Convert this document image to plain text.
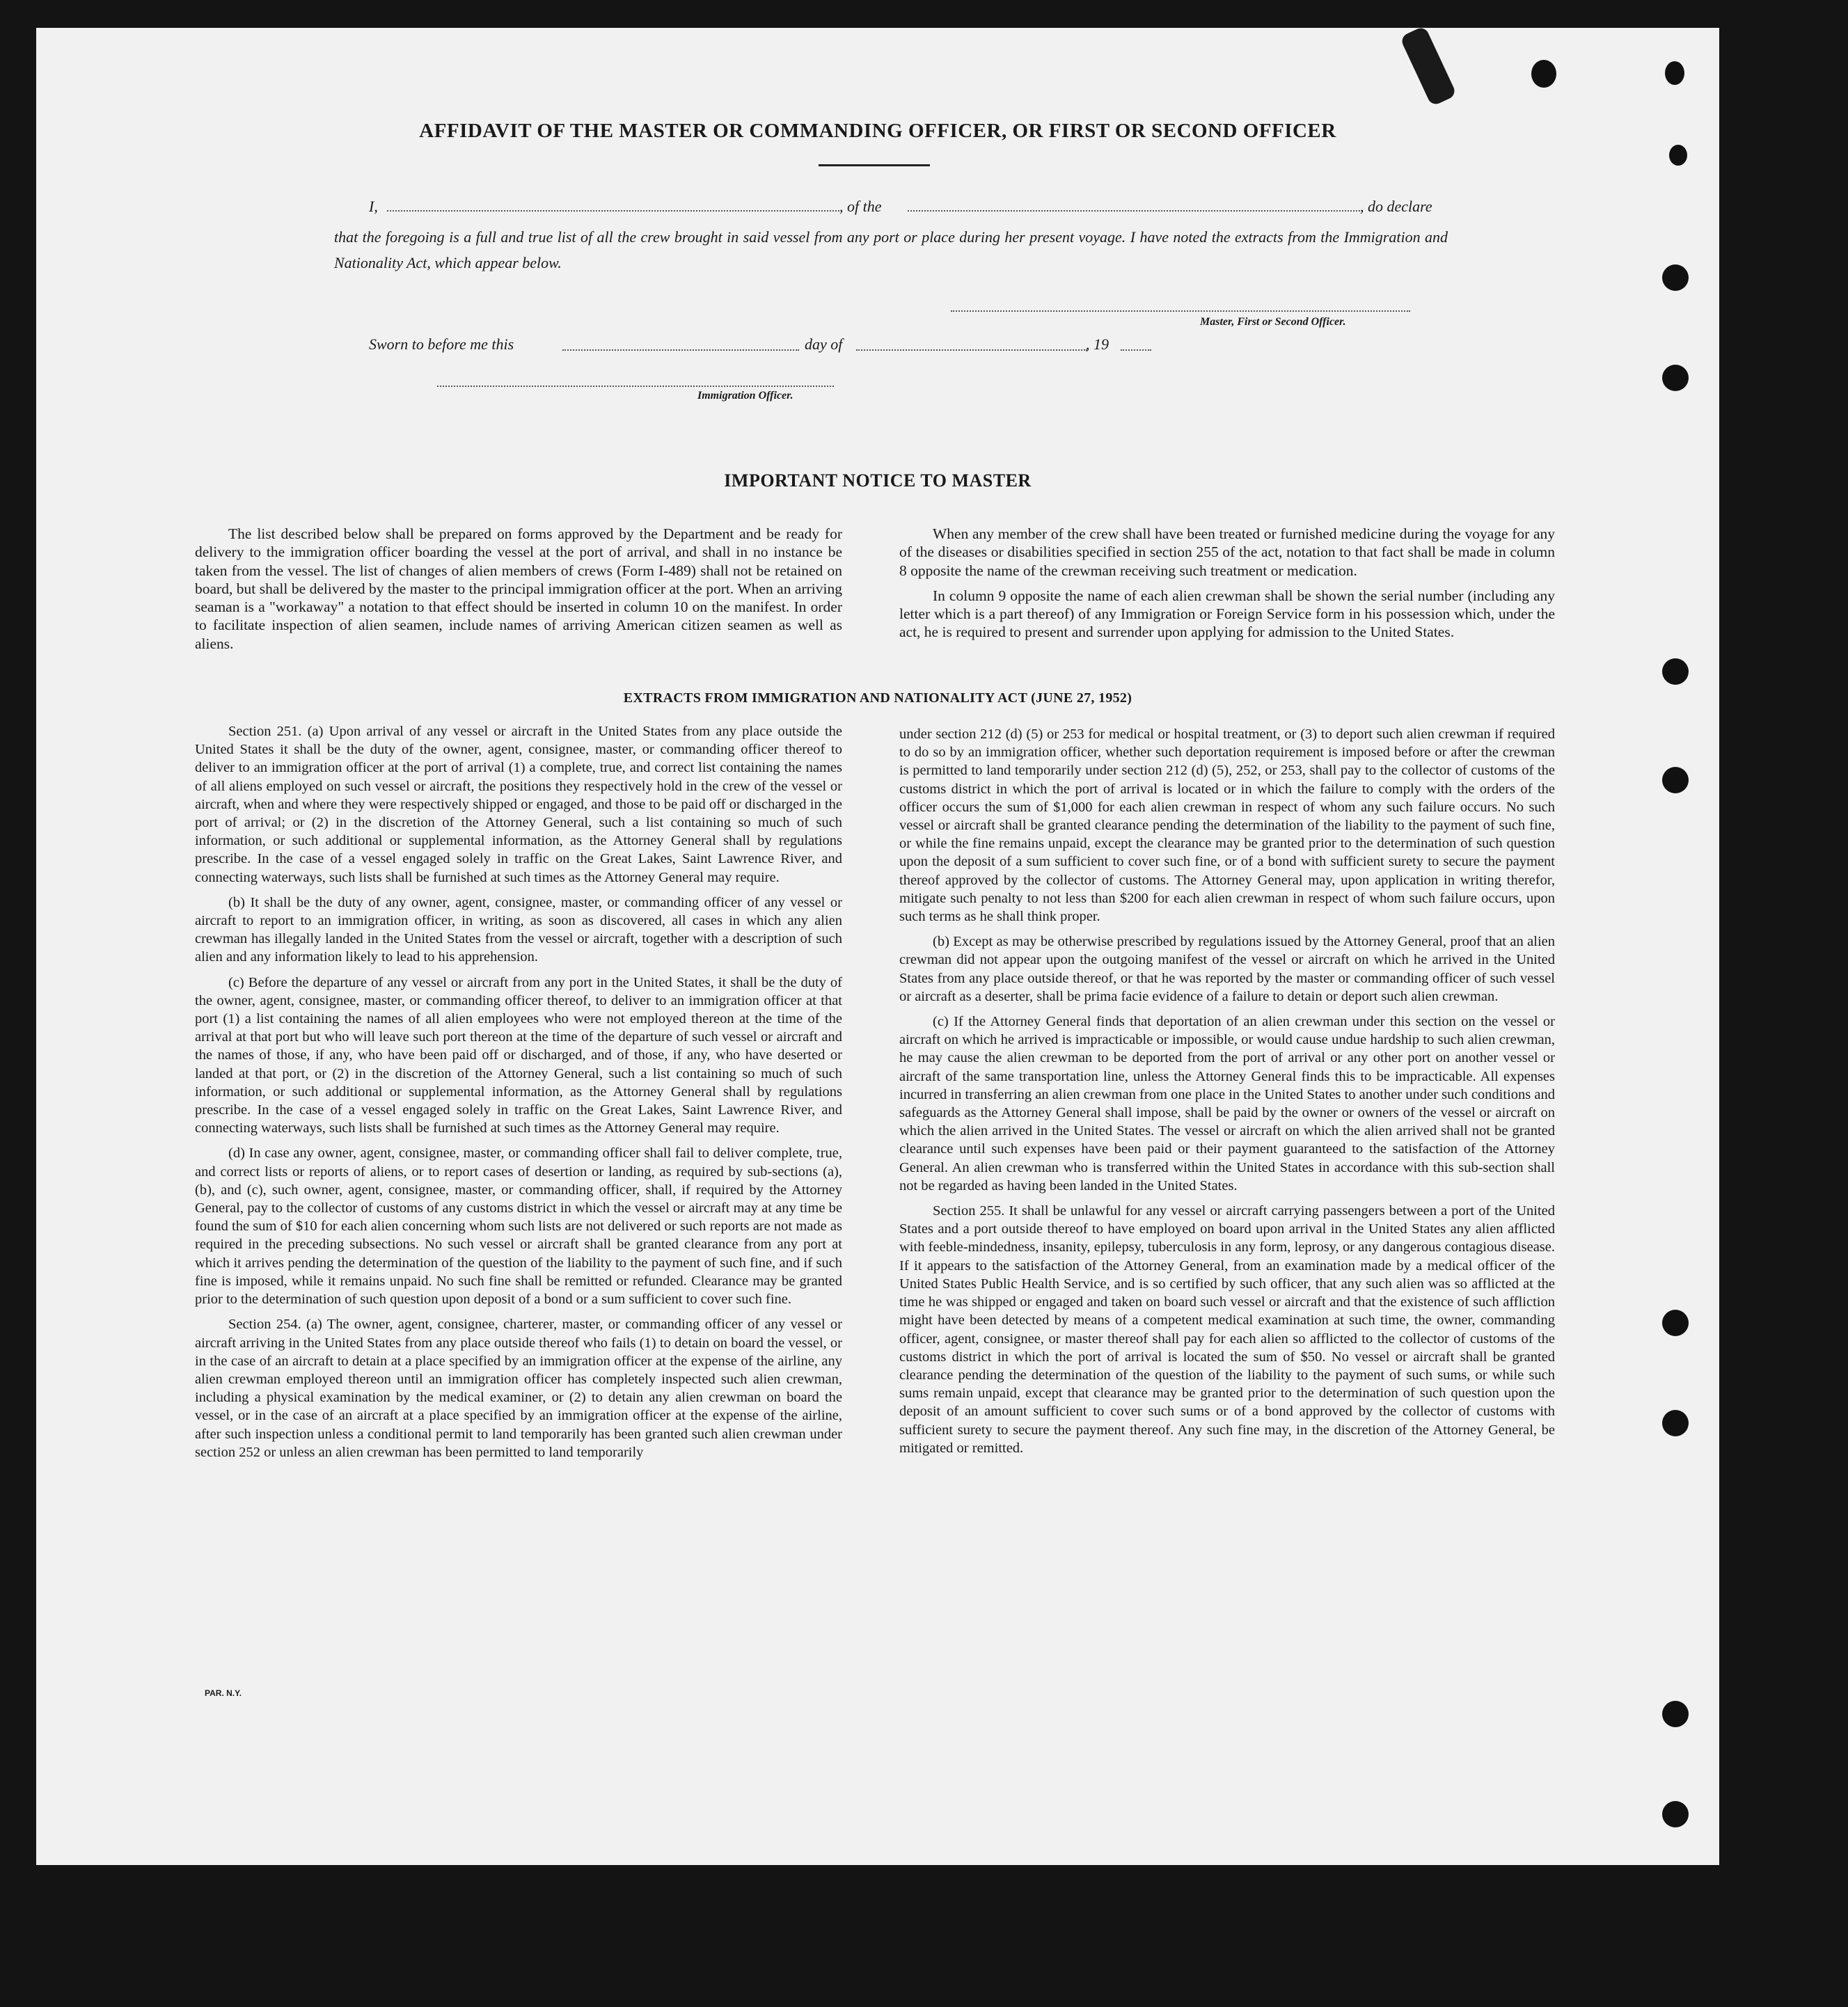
AFFIDAVIT OF THE MASTER OR COMMANDING OFFICER, OR FIRST OR SECOND OFFICER
I,	, of the	, do declare
that the foregoing is a full and true list of all the crew brought in said vessel from any port or place during her present voyage. I have noted the extracts from the Immigration and Nationality Act, which appear below.
Master, First or Second Officer.
Sworn to before me this	day of	, 19
Immigration Officer.
IMPORTANT NOTICE TO MASTER

The list described below shall be prepared on forms approved by the Department and be ready for delivery to the immigration officer boarding the vessel at the port of arrival, and shall in no instance be taken from the vessel. The list of changes of alien members of crews (Form I-489) shall not be retained on board, but shall be delivered by the master to the principal immigration officer at the port. When an arriving seaman is a "workaway" a notation to that effect should be inserted in column 10 on the manifest. In order to facilitate inspection of alien seamen, include names of arriving American citizen seamen as well as aliens.

When any member of the crew shall have been treated or furnished medicine during the voyage for any of the diseases or disabilities specified in section 255 of the act, notation to that fact shall be made in column 8 opposite the name of the crewman receiving such treatment or medication.

In column 9 opposite the name of each alien crewman shall be shown the serial number (including any letter which is a part thereof) of any Immigration or Foreign Service form in his possession which, under the act, he is required to present and surrender upon applying for admission to the United States.

EXTRACTS FROM IMMIGRATION AND NATIONALITY ACT (JUNE 27, 1952)

Section 251. (a) Upon arrival of any vessel or aircraft in the United States from any place outside the United States it shall be the duty of the owner, agent, consignee, master, or commanding officer thereof to deliver to an immigration officer at the port of arrival (1) a complete, true, and correct list containing the names of all aliens employed on such vessel or aircraft, the positions they respectively hold in the crew of the vessel or aircraft, when and where they were respectively shipped or engaged, and those to be paid off or discharged in the port of arrival; or (2) in the discretion of the Attorney General, such a list containing so much of such information, or such additional or supplemental information, as the Attorney General shall by regulations prescribe. In the case of a vessel engaged solely in traffic on the Great Lakes, Saint Lawrence River, and connecting waterways, such lists shall be furnished at such times as the Attorney General may require.

(b) It shall be the duty of any owner, agent, consignee, master, or commanding officer of any vessel or aircraft to report to an immigration officer, in writing, as soon as discovered, all cases in which any alien crewman has illegally landed in the United States from the vessel or aircraft, together with a description of such alien and any information likely to lead to his apprehension.

(c) Before the departure of any vessel or aircraft from any port in the United States, it shall be the duty of the owner, agent, consignee, master, or commanding officer thereof, to deliver to an immigration officer at that port (1) a list containing the names of all alien employees who were not employed thereon at the time of the arrival at that port but who will leave such port thereon at the time of the departure of such vessel or aircraft and the names of those, if any, who have been paid off or discharged, and of those, if any, who have deserted or landed at that port, or (2) in the discretion of the Attorney General, such a list containing so much of such information, or such additional or supplemental information, as the Attorney General shall by regulations prescribe. In the case of a vessel engaged solely in traffic on the Great Lakes, Saint Lawrence River, and connecting waterways, such lists shall be furnished at such times as the Attorney General may require.

(d) In case any owner, agent, consignee, master, or commanding officer shall fail to deliver complete, true, and correct lists or reports of aliens, or to report cases of desertion or landing, as required by sub-sections (a), (b), and (c), such owner, agent, consignee, master, or commanding officer, shall, if required by the Attorney General, pay to the collector of customs of any customs district in which the vessel or aircraft may at any time be found the sum of $10 for each alien concerning whom such lists are not delivered or such reports are not made as required in the preceding subsections. No such vessel or aircraft shall be granted clearance from any port at which it arrives pending the determination of the question of the liability to the payment of such fine, and if such fine is imposed, while it remains unpaid. No such fine shall be remitted or refunded. Clearance may be granted prior to the determination of such question upon deposit of a bond or a sum sufficient to cover such fine.

Section 254. (a) The owner, agent, consignee, charterer, master, or commanding officer of any vessel or aircraft arriving in the United States from any place outside thereof who fails (1) to detain on board the vessel, or in the case of an aircraft to detain at a place specified by an immigration officer at the expense of the airline, any alien crewman employed thereon until an immigration officer has completely inspected such alien crewman, including a physical examination by the medical examiner, or (2) to detain any alien crewman on board the vessel, or in the case of an aircraft at a place specified by an immigration officer at the expense of the airline, after such inspection unless a conditional permit to land temporarily has been granted such alien crewman under section 252 or unless an alien crewman has been permitted to land temporarily

under section 212 (d) (5) or 253 for medical or hospital treatment, or (3) to deport such alien crewman if required to do so by an immigration officer, whether such deportation requirement is imposed before or after the crewman is permitted to land temporarily under section 212 (d) (5), 252, or 253, shall pay to the collector of customs of the customs district in which the port of arrival is located or in which the failure to comply with the orders of the officer occurs the sum of $1,000 for each alien crewman in respect of whom any such failure occurs. No such vessel or aircraft shall be granted clearance pending the determination of the liability to the payment of such fine, or while the fine remains unpaid, except the clearance may be granted prior to the determination of such question upon the deposit of a sum sufficient to cover such fine, or of a bond with sufficient surety to secure the payment thereof approved by the collector of customs. The Attorney General may, upon application in writing therefor, mitigate such penalty to not less than $200 for each alien crewman in respect of whom such failure occurs, upon such terms as he shall think proper.

(b) Except as may be otherwise prescribed by regulations issued by the Attorney General, proof that an alien crewman did not appear upon the outgoing manifest of the vessel or aircraft on which he arrived in the United States from any place outside thereof, or that he was reported by the master or commanding officer of such vessel or aircraft as a deserter, shall be prima facie evidence of a failure to detain or deport such alien crewman.

(c) If the Attorney General finds that deportation of an alien crewman under this section on the vessel or aircraft on which he arrived is impracticable or impossible, or would cause undue hardship to such alien crewman, he may cause the alien crewman to be deported from the port of arrival or any other port on another vessel or aircraft of the same transportation line, unless the Attorney General finds this to be impracticable. All expenses incurred in transferring an alien crewman from one place in the United States to another under such conditions and safeguards as the Attorney General shall impose, shall be paid by the owner or owners of the vessel or aircraft on which the alien arrived in the United States. The vessel or aircraft on which the alien arrived shall not be granted clearance until such expenses have been paid or their payment guaranteed to the satisfaction of the Attorney General. An alien crewman who is transferred within the United States in accordance with this sub-section shall not be regarded as having been landed in the United States.

Section 255. It shall be unlawful for any vessel or aircraft carrying passengers between a port of the United States and a port outside thereof to have employed on board upon arrival in the United States any alien afflicted with feeble-mindedness, insanity, epilepsy, tuberculosis in any form, leprosy, or any dangerous contagious disease. If it appears to the satisfaction of the Attorney General, from an examination made by a medical officer of the United States Public Health Service, and is so certified by such officer, that any such alien was so afflicted at the time he was shipped or engaged and taken on board such vessel or aircraft and that the existence of such affliction might have been detected by means of a competent medical examination at such time, the owner, commanding officer, agent, consignee, or master thereof shall pay for each alien so afflicted to the collector of customs of the customs district in which the port of arrival is located the sum of $50. No vessel or aircraft shall be granted clearance pending the determination of the question of the liability to the payment of such sums, or while such sums remain unpaid, except that clearance may be granted prior to the determination of such question upon the deposit of an amount sufficient to cover such sums or of a bond approved by the collector of customs with sufficient surety to secure the payment thereof. Any such fine may, in the discretion of the Attorney General, be mitigated or remitted.

PAR. N.Y.
